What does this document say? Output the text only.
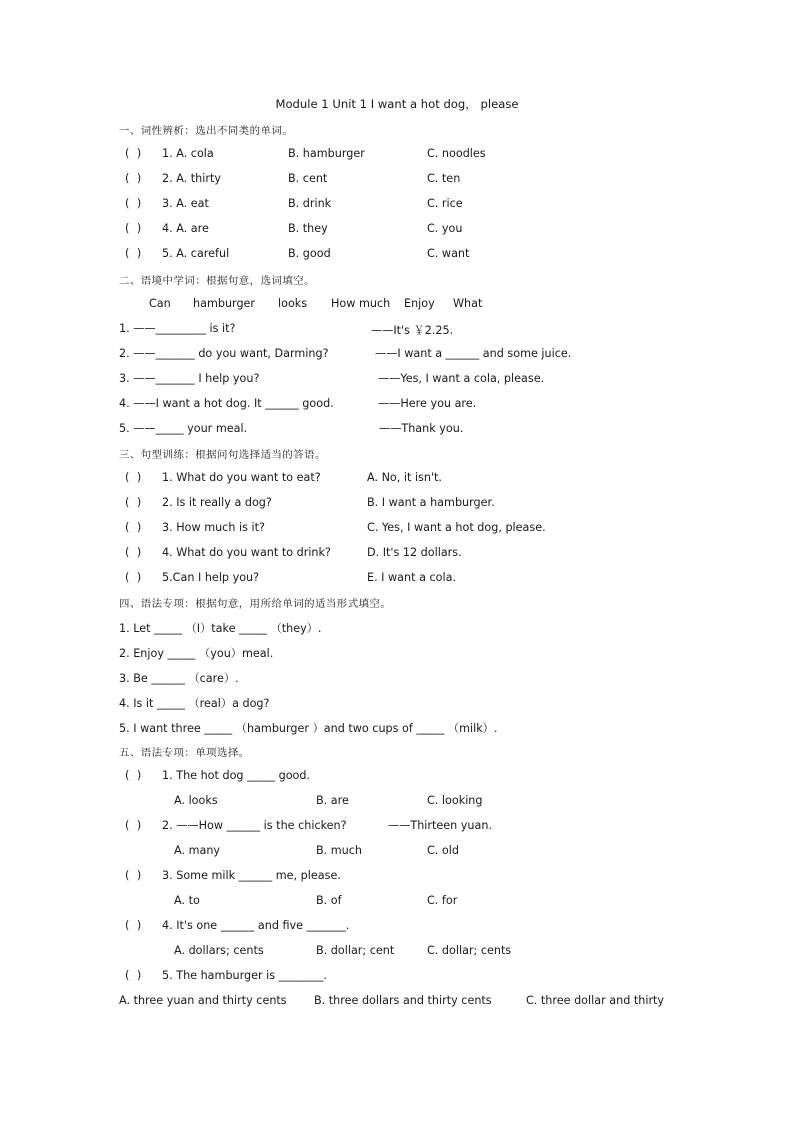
Module 1 Unit 1 I want a hot dog， please
一、词性辨析：选出不同类的单词。
( ) 1. A. cola	B. hamburger	C. noodles
( ) 2. A. thirty	B. cent	C. ten
( ) 3. A. eat	B. drink	C. rice
( ) 4. A. are	B. they	C. you
( ) 5. A. careful	B. good	C. want
二、语境中学词：根据句意，选词填空。
Can hamburger looks How much Enjoy What
1. ——_________ is it?	——It's ￥2.25.
2. ——_______ do you want, Darming?	——I want a ______ and some juice.
3. ——_______ I help you?	——Yes, I want a cola, please.
4. ——I want a hot dog. It ______ good.	——Here you are.
5. ——_____ your meal.	——Thank you.
三、句型训练：根据问句选择适当的答语。
( ) 1. What do you want to eat?	A. No, it isn't.
( ) 2. Is it really a dog?	B. I want a hamburger.
( ) 3. How much is it?	C. Yes, I want a hot dog, please.
( ) 4. What do you want to drink?	D. It's 12 dollars.
( ) 5.Can I help you?	E. I want a cola.
四、语法专项：根据句意，用所给单词的适当形式填空。
1. Let _____ （I）take _____ （they）.
2. Enjoy _____ （you）meal.
3. Be ______ （care）.
4. Is it _____ （real）a dog?
5. I want three _____ （hamburger ）and two cups of _____ （milk）.
五、语法专项：单项选择。
( ) 1. The hot dog _____ good.
A. looks	B. are	C. looking
( ) 2. ——How ______ is the chicken?	——Thirteen yuan.
A. many	B. much	C. old
( ) 3. Some milk ______ me, please.
A. to	B. of	C. for
( ) 4. It's one ______ and five _______.
A. dollars; cents	B. dollar; cent	C. dollar; cents
( ) 5. The hamburger is ________.
A. three yuan and thirty cents B. three dollars and thirty cents	C. three dollar and thirty
